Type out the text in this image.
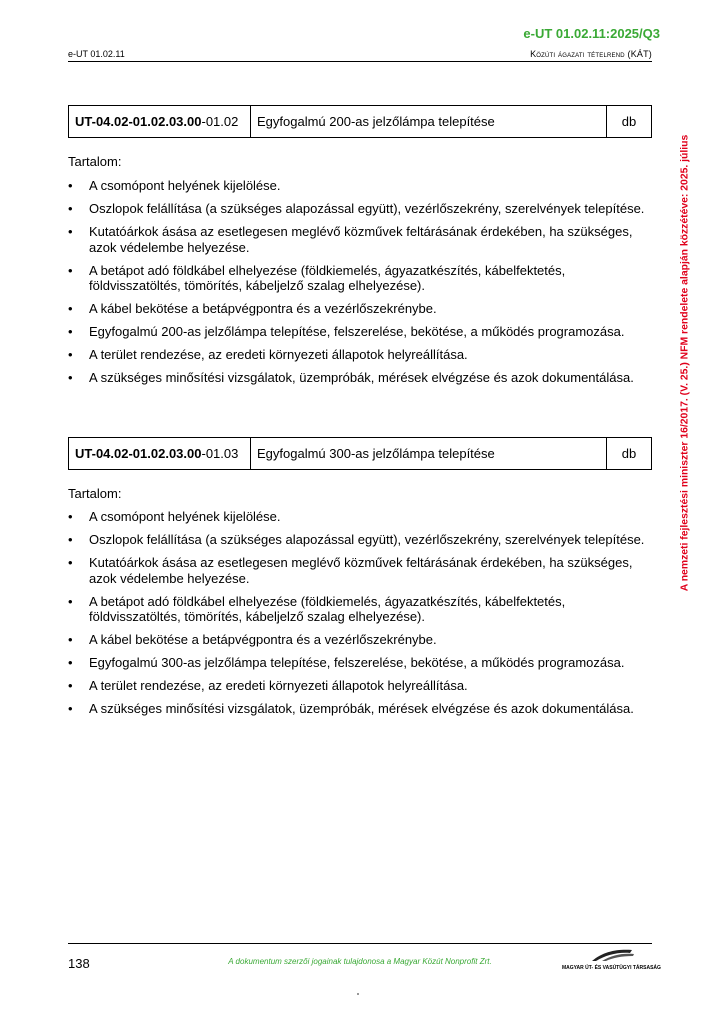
e-UT 01.02.11:2025/Q3
e-UT 01.02.11	Közúti ágazati tételrend (KÁT)
A nemzeti fejlesztési miniszter 16/2017. (V. 25.) NFM rendelete alapján közzétéve: 2025. július
UT-04.02-01.02.03.00 -01.02	Egyfogalmú 200-as jelzőlámpa telepítése	db
Tartalom:
•	A csomópont helyének kijelölése.
•	Oszlopok felállítása (a szükséges alapozással együtt), vezérlőszekrény, szerelvények telepítése.
•	Kutatóárkok ásása az esetlegesen meglévő közművek feltárásának érdekében, ha szükséges, azok védelembe helyezése.
•	A betápot adó földkábel elhelyezése (földkiemelés, ágyazatkészítés, kábelfektetés, földvisszatöltés, tömörítés, kábeljelző szalag elhelyezése).
•	A kábel bekötése a betápvégpontra és a vezérlőszekrénybe.
•	Egyfogalmú 200-as jelzőlámpa telepítése, felszerelése, bekötése, a működés programozása.
•	A terület rendezése, az eredeti környezeti állapotok helyreállítása.
•	A szükséges minősítési vizsgálatok, üzempróbák, mérések elvégzése és azok dokumentálása.
UT-04.02-01.02.03.00 -01.03	Egyfogalmú 300-as jelzőlámpa telepítése	db
Tartalom:
•	A csomópont helyének kijelölése.
•	Oszlopok felállítása (a szükséges alapozással együtt), vezérlőszekrény, szerelvények telepítése.
•	Kutatóárkok ásása az esetlegesen meglévő közművek feltárásának érdekében, ha szükséges, azok védelembe helyezése.
•	A betápot adó földkábel elhelyezése (földkiemelés, ágyazatkészítés, kábelfektetés, földvisszatöltés, tömörítés, kábeljelző szalag elhelyezése).
•	A kábel bekötése a betápvégpontra és a vezérlőszekrénybe.
•	Egyfogalmú 300-as jelzőlámpa telepítése, felszerelése, bekötése, a működés programozása.
•	A terület rendezése, az eredeti környezeti állapotok helyreállítása.
•	A szükséges minősítési vizsgálatok, üzempróbák, mérések elvégzése és azok dokumentálása.
138	A dokumentum szerzői jogainak tulajdonosa a Magyar Közút Nonprofit Zrt.
MAGYAR ÚT- ÉS VASÚTÜGYI TÁRSASÁG
